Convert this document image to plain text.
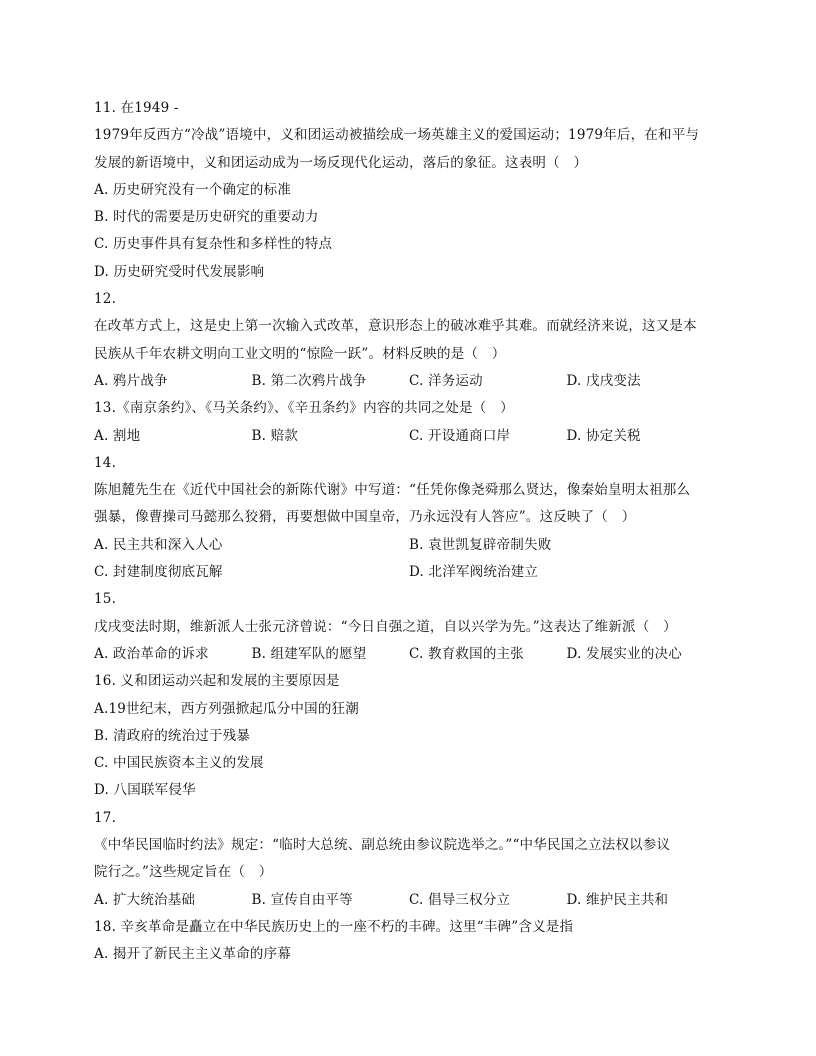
11. 在1949 -
1979年反西方“冷战”语境中，义和团运动被描绘成一场英雄主义的爱国运动；1979年后，在和平与
发展的新语境中，义和团运动成为一场反现代化运动，落后的象征。这表明（　）
A. 历史研究没有一个确定的标准
B. 时代的需要是历史研究的重要动力
C. 历史事件具有复杂性和多样性的特点
D. 历史研究受时代发展影响
12.
在改革方式上，这是史上第一次输入式改革，意识形态上的破冰难乎其难。而就经济来说，这又是本
民族从千年农耕文明向工业文明的“惊险一跃”。材料反映的是（　）
A. 鸦片战争	B. 第二次鸦片战争	C. 洋务运动	D. 戊戌变法
13.《南京条约》、《马关条约》、《辛丑条约》内容的共同之处是（　）
A. 割地	B. 赔款	C. 开设通商口岸	D. 协定关税
14.
陈旭麓先生在《近代中国社会的新陈代谢》中写道：“任凭你像尧舜那么贤达，像秦始皇明太祖那么
强暴，像曹操司马懿那么狡猾，再要想做中国皇帝，乃永远没有人答应”。这反映了（　）
A. 民主共和深入人心	B. 袁世凯复辟帝制失败
C. 封建制度彻底瓦解	D. 北洋军阀统治建立
15.
戊戌变法时期，维新派人士张元济曾说：“今日自强之道，自以兴学为先。”这表达了维新派（　）
A. 政治革命的诉求	B. 组建军队的愿望	C. 教育救国的主张	D. 发展实业的决心
16. 义和团运动兴起和发展的主要原因是
A.19世纪末，西方列强掀起瓜分中国的狂潮
B. 清政府的统治过于残暴
C. 中国民族资本主义的发展
D. 八国联军侵华
17.
《中华民国临时约法》规定：“临时大总统、副总统由参议院选举之。”“中华民国之立法权以参议
院行之。”这些规定旨在（　）
A. 扩大统治基础	B. 宣传自由平等	C. 倡导三权分立	D. 维护民主共和
18. 辛亥革命是矗立在中华民族历史上的一座不朽的丰碑。这里“丰碑”含义是指
A. 揭开了新民主主义革命的序幕
